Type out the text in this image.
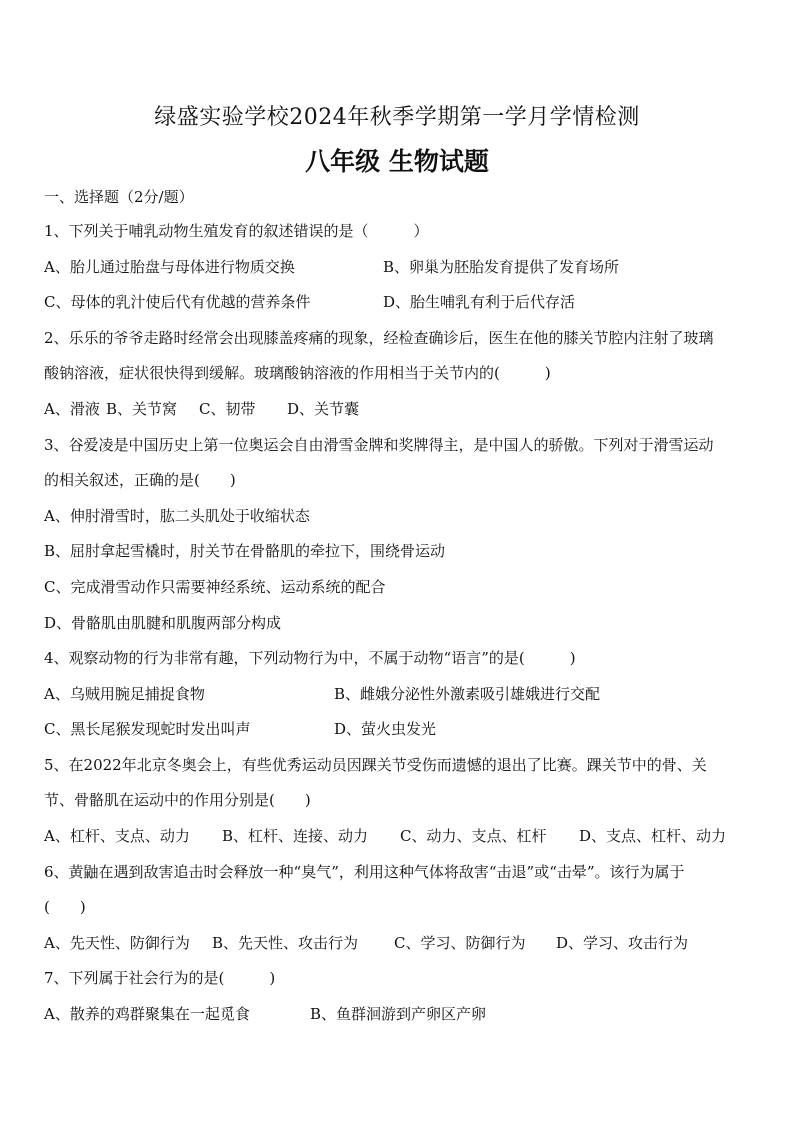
绿盛实验学校2024年秋季学期第一学月学情检测
八年级 生物试题
一、选择题（2分/题）
1、下列关于哺乳动物生殖发育的叙述错误的是（　　　）
A、胎儿通过胎盘与母体进行物质交换	B、卵巢为胚胎发育提供了发育场所
C、母体的乳汁使后代有优越的营养条件	D、胎生哺乳有利于后代存活
2、乐乐的爷爷走路时经常会出现膝盖疼痛的现象，经检查确诊后，医生在他的膝关节腔内注射了玻璃
酸钠溶液，症状很快得到缓解。玻璃酸钠溶液的作用相当于关节内的(　　　)
A、滑液 B、关节窝 C、韧带 D、关节囊
3、谷爱凌是中国历史上第一位奥运会自由滑雪金牌和奖牌得主，是中国人的骄傲。下列对于滑雪运动
的相关叙述，正确的是(　　)
A、伸肘滑雪时，肱二头肌处于收缩状态
B、屈肘拿起雪橇时，肘关节在骨骼肌的牵拉下，围绕骨运动
C、完成滑雪动作只需要神经系统、运动系统的配合
D、骨骼肌由肌腱和肌腹两部分构成
4、观察动物的行为非常有趣，下列动物行为中，不属于动物“语言”的是(　　　)
A、乌贼用腕足捕捉食物	B、雌娥分泌性外激素吸引雄娥进行交配
C、黑长尾猴发现蛇时发出叫声	D、萤火虫发光
5、在2022年北京冬奥会上，有些优秀运动员因踝关节受伤而遗憾的退出了比赛。踝关节中的骨、关
节、骨骼肌在运动中的作用分别是(　　)
A、杠杆、支点、动力 B、杠杆、连接、动力 C、动力、支点、杠杆 D、支点、杠杆、动力
6、黄鼬在遇到敌害追击时会释放一种“臭气”，利用这种气体将敌害“击退”或“击晕”。该行为属于
(　　)
A、先天性、防御行为 B、先天性、攻击行为 C、学习、防御行为 D、学习、攻击行为
7、下列属于社会行为的是(　　　)
A、散养的鸡群聚集在一起觅食	B、鱼群洄游到产卵区产卵
